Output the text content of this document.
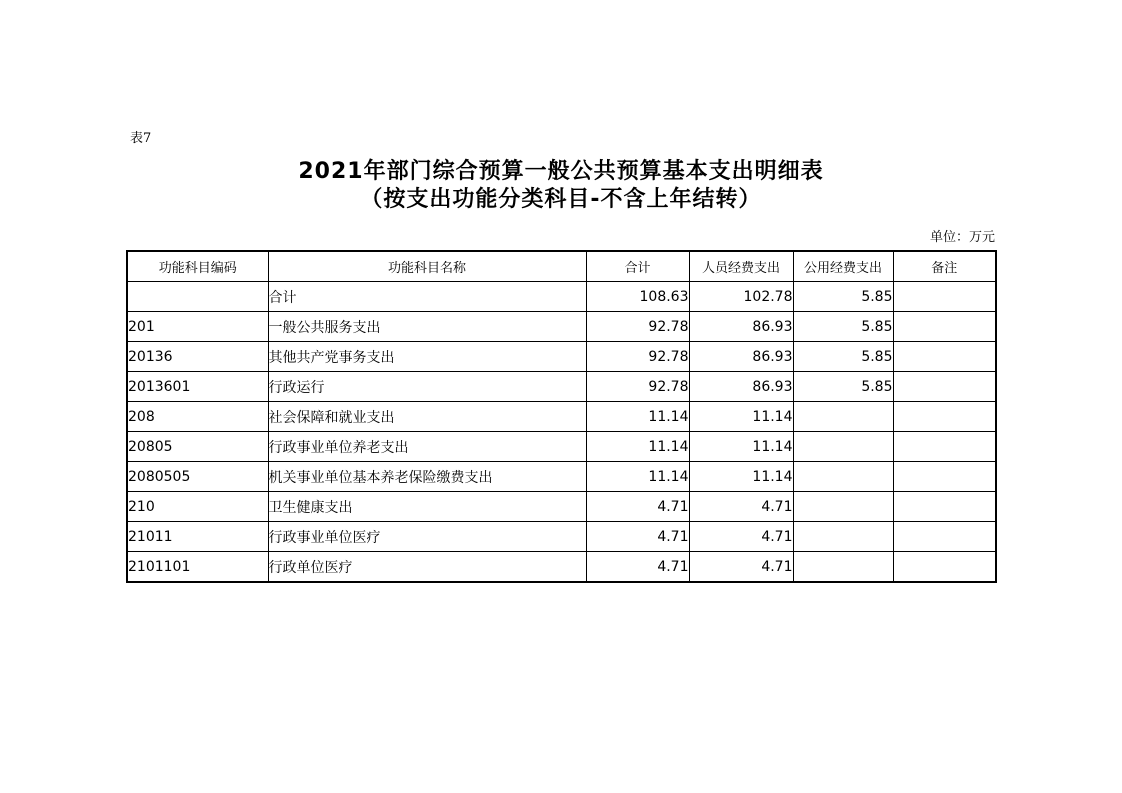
表7
2021年部门综合预算一般公共预算基本支出明细表
（按支出功能分类科目-不含上年结转）
单位：万元
功能科目编码	功能科目名称	合计	人员经费支出	公用经费支出	备注
	合计	108.63	102.78	5.85	
201	一般公共服务支出	92.78	86.93	5.85	
20136	其他共产党事务支出	92.78	86.93	5.85	
2013601	行政运行	92.78	86.93	5.85	
208	社会保障和就业支出	11.14	11.14		
20805	行政事业单位养老支出	11.14	11.14		
2080505	机关事业单位基本养老保险缴费支出	11.14	11.14		
210	卫生健康支出	4.71	4.71		
21011	行政事业单位医疗	4.71	4.71		
2101101	行政单位医疗	4.71	4.71		
